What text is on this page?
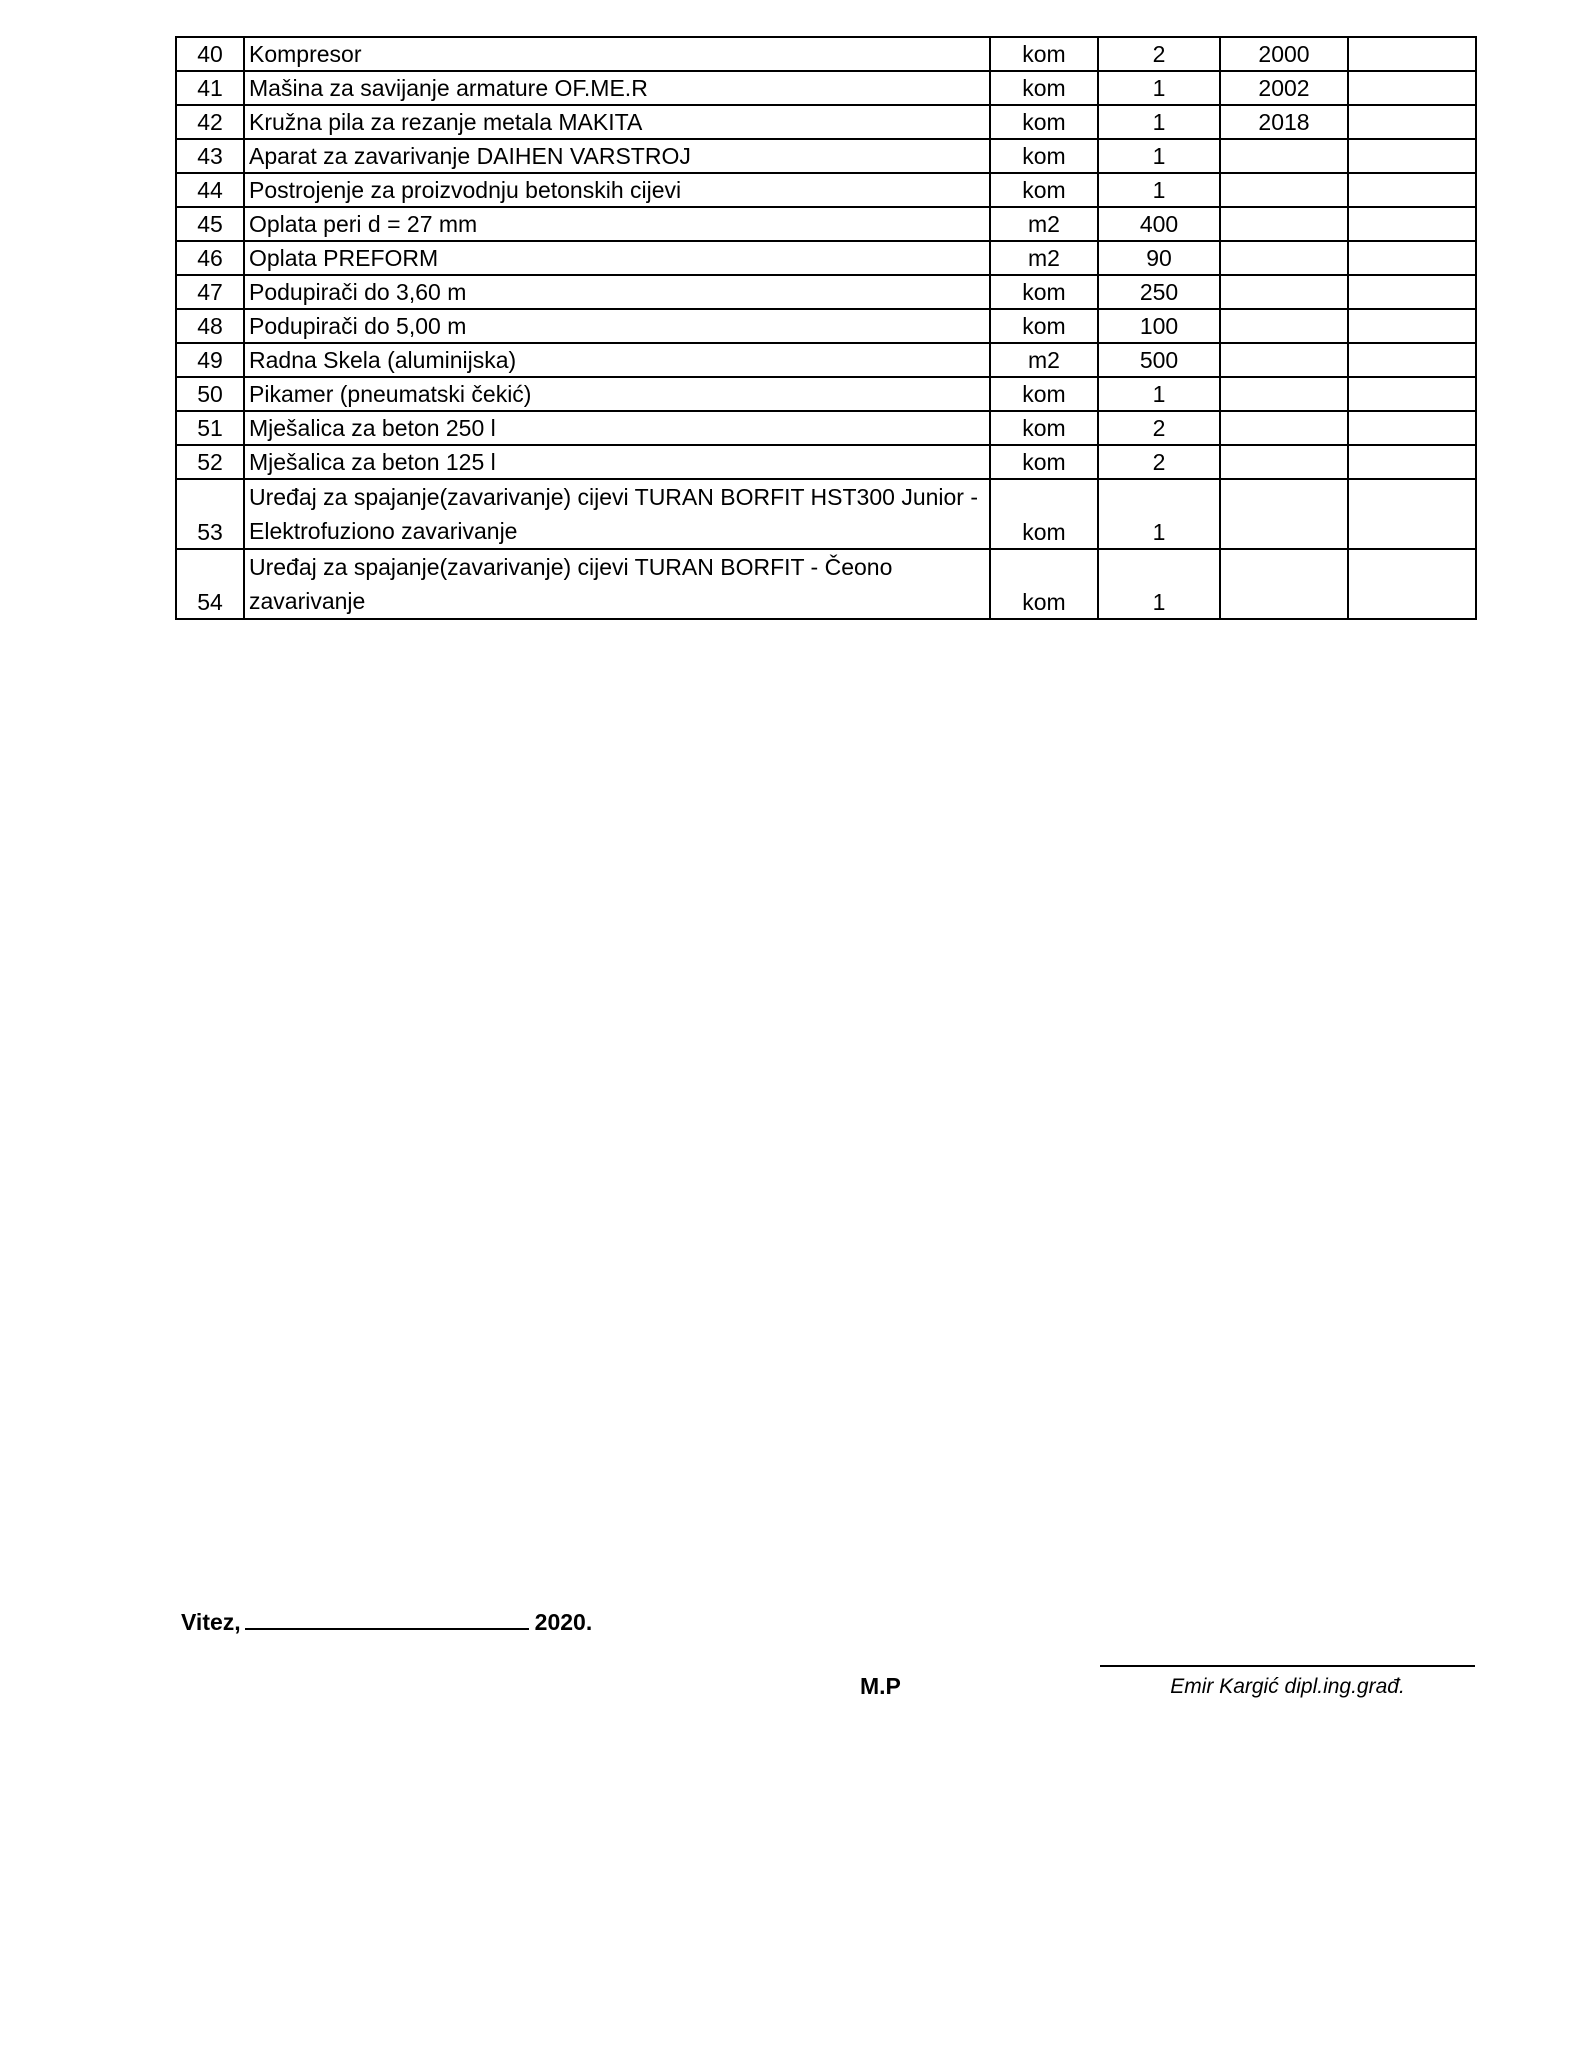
40	Kompresor	kom	2	2000	
41	Mašina za savijanje armature OF.ME.R	kom	1	2002	
42	Kružna pila za rezanje metala MAKITA	kom	1	2018	
43	Aparat za zavarivanje DAIHEN VARSTROJ	kom	1		
44	Postrojenje za proizvodnju betonskih cijevi	kom	1		
45	Oplata peri d = 27 mm	m2	400		
46	Oplata PREFORM	m2	90		
47	Podupirači do 3,60 m	kom	250		
48	Podupirači do 5,00 m	kom	100		
49	Radna Skela (aluminijska)	m2	500		
50	Pikamer (pneumatski čekić)	kom	1		
51	Mješalica za beton 250 l	kom	2		
52	Mješalica za beton 125 l	kom	2		
53	Uređaj za spajanje(zavarivanje) cijevi TURAN BORFIT HST300 Junior - Elektrofuziono zavarivanje	kom	1		
54	Uređaj za spajanje(zavarivanje) cijevi TURAN BORFIT - Čeono zavarivanje	kom	1		
Vitez,	2020.
M.P	Emir Kargić dipl.ing.građ.
